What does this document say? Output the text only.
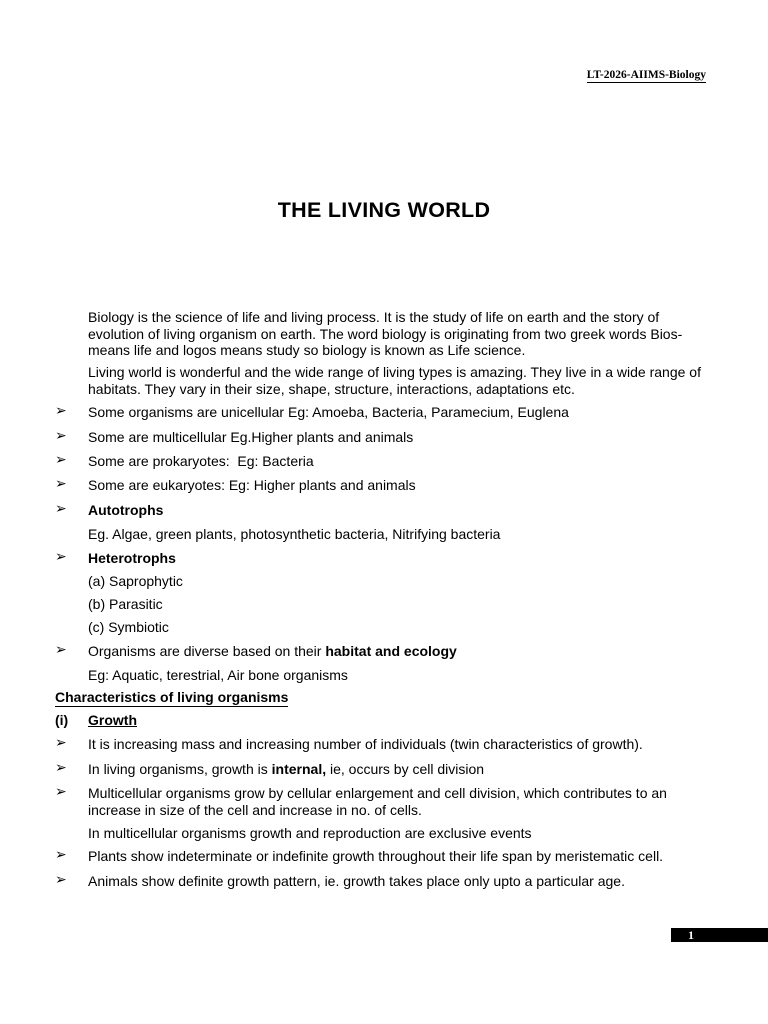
LT-2026-AIIMS-Biology
THE LIVING WORLD
Biology is the science of life and living process. It is the study of life on earth and the story of evolution of living organism on earth. The word biology is originating from two greek words Bios-means life and logos means study so biology is known as Life science.
Living world is wonderful and the wide range of living types is amazing. They live in a wide range of habitats. They vary in their size, shape, structure, interactions, adaptations etc.
➢ Some organisms are unicellular Eg: Amoeba, Bacteria, Paramecium, Euglena
➢ Some are multicellular Eg.Higher plants and animals
➢ Some are prokaryotes:  Eg: Bacteria
➢ Some are eukaryotes: Eg: Higher plants and animals
➢ Autotrophs
Eg. Algae, green plants, photosynthetic bacteria, Nitrifying bacteria
➢ Heterotrophs
(a) Saprophytic
(b) Parasitic
(c) Symbiotic
➢ Organisms are diverse based on their habitat and ecology
Eg: Aquatic, terestrial, Air bone organisms
Characteristics of living organisms
(i) Growth
➢ It is increasing mass and increasing number of individuals (twin characteristics of growth).
➢ In living organisms, growth is internal, ie, occurs by cell division
➢ Multicellular organisms grow by cellular enlargement and cell division, which contributes to an increase in size of the cell and increase in no. of cells.
In multicellular organisms growth and reproduction are exclusive events
➢ Plants show indeterminate or indefinite growth throughout their life span by meristematic cell.
➢ Animals show definite growth pattern, ie. growth takes place only upto a particular age.
1
